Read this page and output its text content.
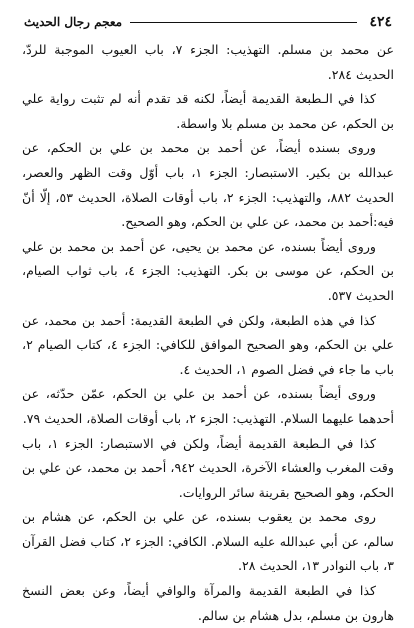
٤٢٤
معجم رجال الحديث

عن محمد بن مسلم. التهذيب: الجزء ٧، باب العيوب الموجبة للردّ، الحديث ٢٨٤.

كذا في الـطبعة القديمة أيضاً، لكنه قد تقدم أنه لم تثبت رواية علي بن الحكم، عن محمد بن مسلم بلا واسطة.

وروى بسنده أيضاً، عن أحمد بن محمد بن علي بن الحكم، عن عبدالله بن بكير. الاستبصار: الجزء ١، باب أوّل وقت الظهر والعصر، الحديث ٨٨٢، والتهذيب: الجزء ٢، باب أوقات الصلاة، الحديث ٥٣، إلّا أنّ فيه:أحمد بن محمد، عن علي بن الحكم، وهو الصحيح.

وروى أيضاً بسنده، عن محمد بن يحيى، عن أحمد بن محمد بن علي بن الحكم، عن موسى بن بكر. التهذيب: الجزء ٤، باب ثواب الصيام، الحديث ٥٣٧.

كذا في هذه الطبعة، ولكن في الطبعة القديمة: أحمد بن محمد، عن علي بن الحكم، وهو الصحيح الموافق للكافي: الجزء ٤، كتاب الصيام ٢، باب ما جاء في فضل الصوم ١، الحديث ٤.

وروى أيضاً بسنده، عن أحمد بن علي بن الحكم، عمّن حدّثه، عن أحدهما عليهما السلام. التهذيب: الجزء ٢، باب أوقات الصلاة، الحديث ٧٩.

كذا في الـطبعة القديمة أيضاً، ولكن في الاستبصار: الجزء ١، باب وقت المغرب والعشاء الآخرة، الحديث ٩٤٢، أحمد بن محمد، عن علي بن الحكم، وهو الصحيح بقرينة سائر الروايات.

روى محمد بن يعقوب بسنده، عن علي بن الحكم، عن هشام بن سالم، عن أبي عبدالله عليه السلام. الكافي: الجزء ٢، كتاب فضل القرآن ٣، باب النوادر ١٣، الحديث ٢٨.

كذا في الطبعة القديمة والمرآة والوافي أيضاً، وعن بعض النسخ هارون بن مسلم، بدل هشام بن سالم.
